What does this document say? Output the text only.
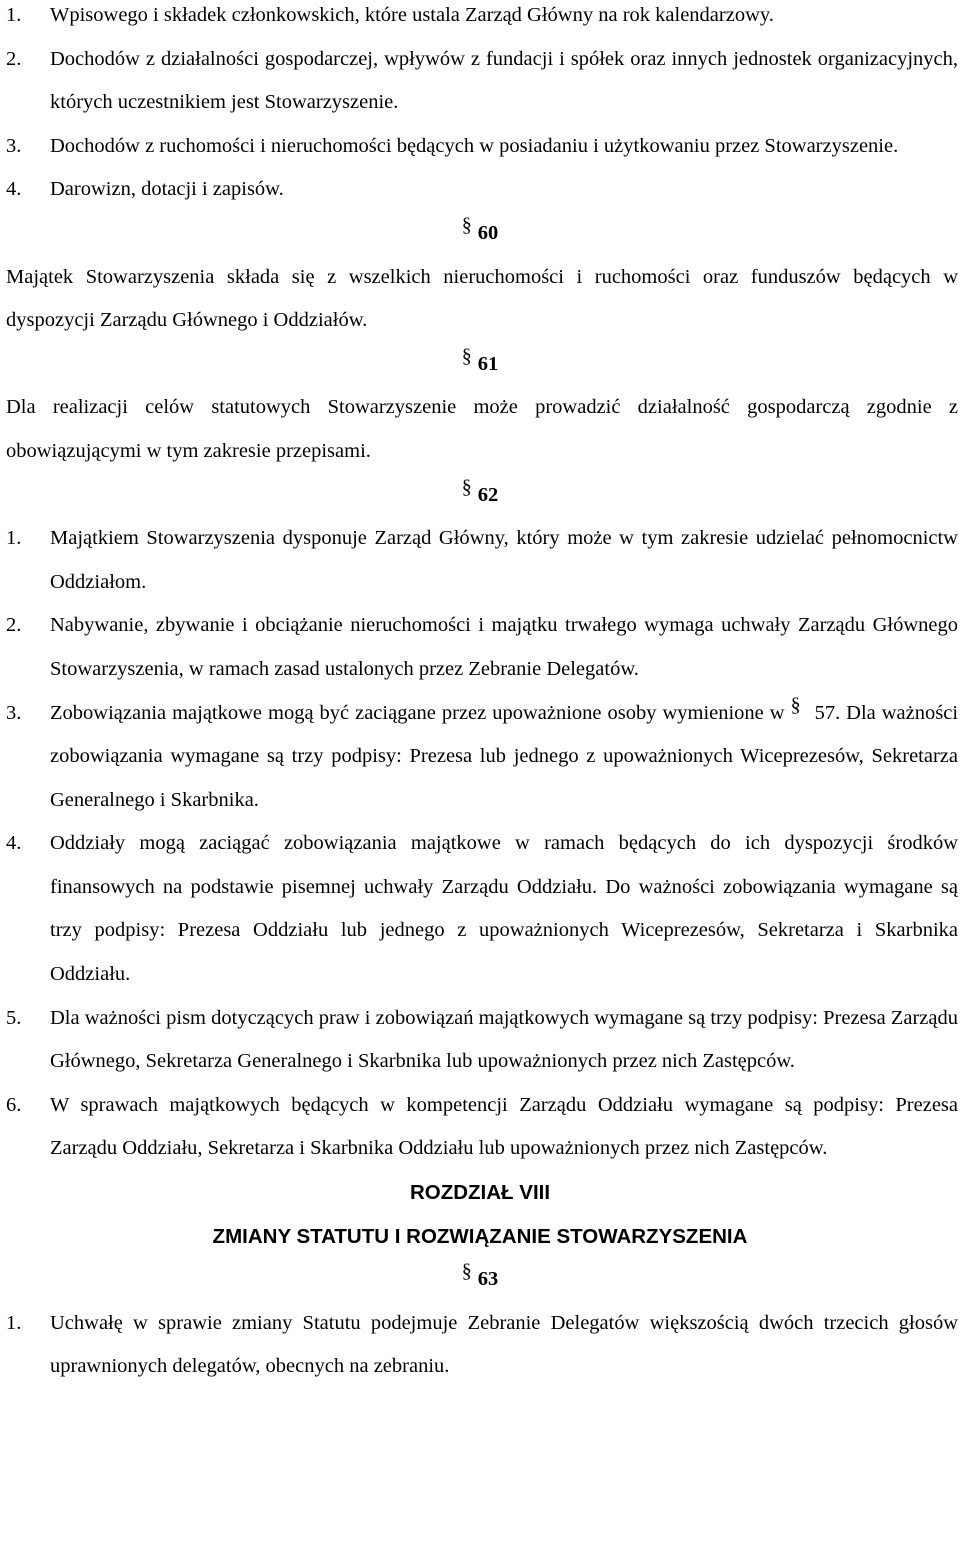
1. Wpisowego i składek członkowskich, które ustala Zarząd Główny na rok kalendarzowy.
2. Dochodów z działalności gospodarczej, wpływów z fundacji i spółek oraz innych jednostek organizacyjnych, których uczestnikiem jest Stowarzyszenie.
3. Dochodów z ruchomości i nieruchomości będących w posiadaniu i użytkowaniu przez Stowarzyszenie.
4. Darowizn, dotacji i zapisów.
§ 60
Majątek Stowarzyszenia składa się z wszelkich nieruchomości i ruchomości oraz funduszów będących w dyspozycji Zarządu Głównego i Oddziałów.
§ 61
Dla realizacji celów statutowych Stowarzyszenie może prowadzić działalność gospodarczą zgodnie z obowiązującymi w tym zakresie przepisami.
§ 62
1. Majątkiem Stowarzyszenia dysponuje Zarząd Główny, który może w tym zakresie udzielać pełnomocnictw Oddziałom.
2. Nabywanie, zbywanie i obciążanie nieruchomości i majątku trwałego wymaga uchwały Zarządu Głównego Stowarzyszenia, w ramach zasad ustalonych przez Zebranie Delegatów.
3. Zobowiązania majątkowe mogą być zaciągane przez upoważnione osoby wymienione w § 57. Dla ważności zobowiązania wymagane są trzy podpisy: Prezesa lub jednego z upoważnionych Wiceprezesów, Sekretarza Generalnego i Skarbnika.
4. Oddziały mogą zaciągać zobowiązania majątkowe w ramach będących do ich dyspozycji środków finansowych na podstawie pisemnej uchwały Zarządu Oddziału. Do ważności zobowiązania wymagane są trzy podpisy: Prezesa Oddziału lub jednego z upoważnionych Wiceprezesów, Sekretarza i Skarbnika Oddziału.
5. Dla ważności pism dotyczących praw i zobowiązań majątkowych wymagane są trzy podpisy: Prezesa Zarządu Głównego, Sekretarza Generalnego i Skarbnika lub upoważnionych przez nich Zastępców.
6. W sprawach majątkowych będących w kompetencji Zarządu Oddziału wymagane są podpisy: Prezesa Zarządu Oddziału, Sekretarza i Skarbnika Oddziału lub upoważnionych przez nich Zastępców.
ROZDZIAŁ VIII
ZMIANY STATUTU I ROZWIĄZANIE STOWARZYSZENIA
§ 63
1. Uchwałę w sprawie zmiany Statutu podejmuje Zebranie Delegatów większością dwóch trzecich głosów uprawnionych delegatów, obecnych na zebraniu.
